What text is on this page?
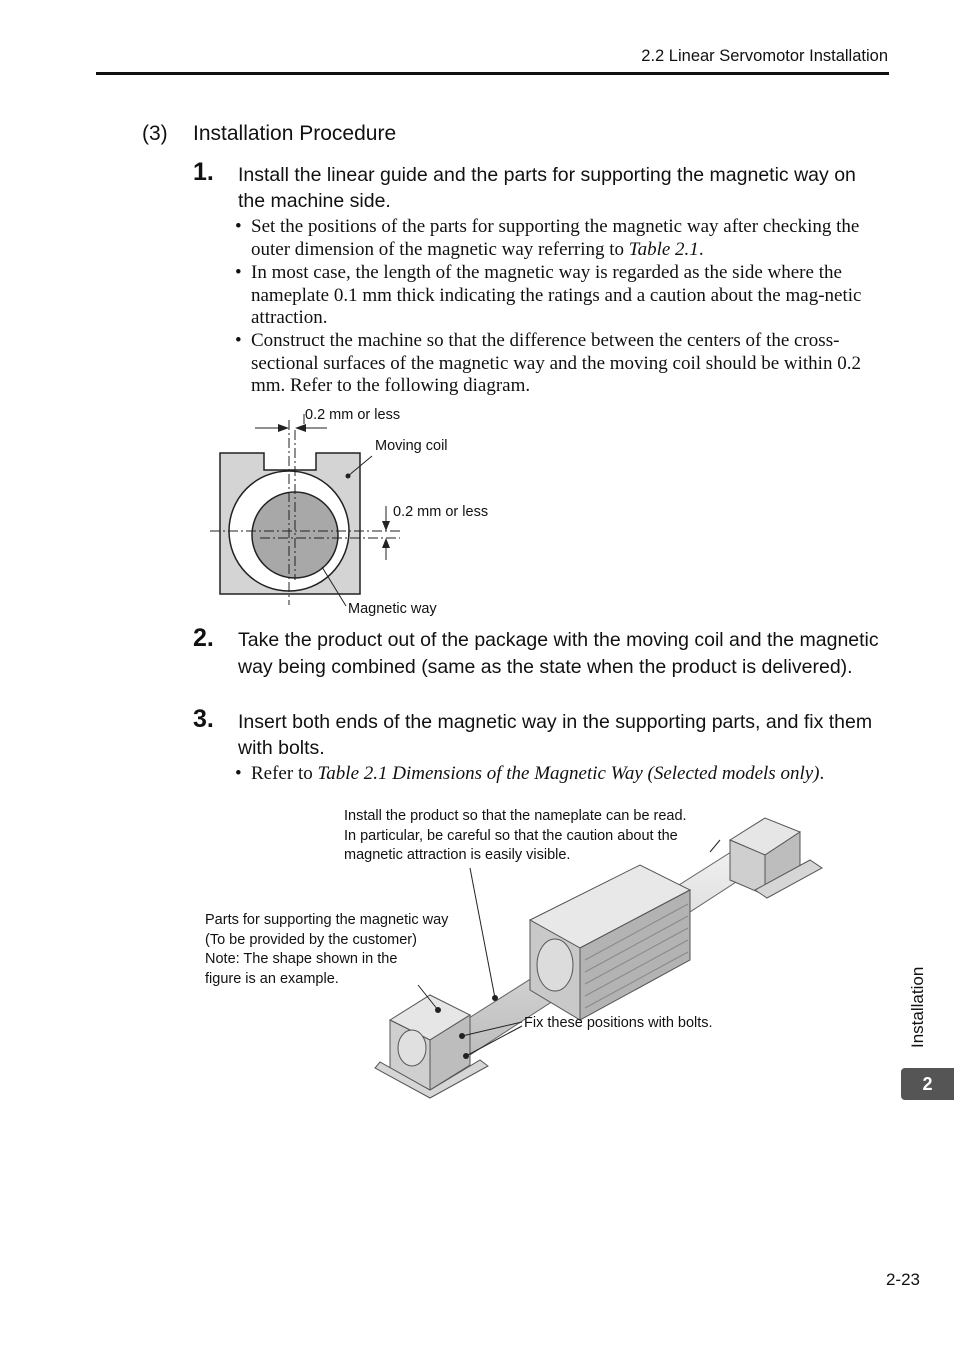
2.2 Linear Servomotor Installation
(3) Installation Procedure
1. Install the linear guide and the parts for supporting the magnetic way on the machine side.
• Set the positions of the parts for supporting the magnetic way after checking the outer dimension of the magnetic way referring to Table 2.1.
• In most case, the length of the magnetic way is regarded as the side where the nameplate 0.1 mm thick indicating the ratings and a caution about the mag-netic attraction.
• Construct the machine so that the difference between the centers of the cross-sectional surfaces of the magnetic way and the moving coil should be within 0.2 mm. Refer to the following diagram.
0.2 mm or less
Moving coil
0.2 mm or less
Magnetic way
2. Take the product out of the package with the moving coil and the magnetic way being combined (same as the state when the product is delivered).
3. Insert both ends of the magnetic way in the supporting parts, and fix them with bolts.
• Refer to Table 2.1 Dimensions of the Magnetic Way (Selected models only).
Install the product so that the nameplate can be read.
In particular, be careful so that the caution about the
magnetic attraction is easily visible.
Parts for supporting the magnetic way
(To be provided by the customer)
Note: The shape shown in the
figure is an example.
Fix these positions with bolts.	Installation
2
2-23
